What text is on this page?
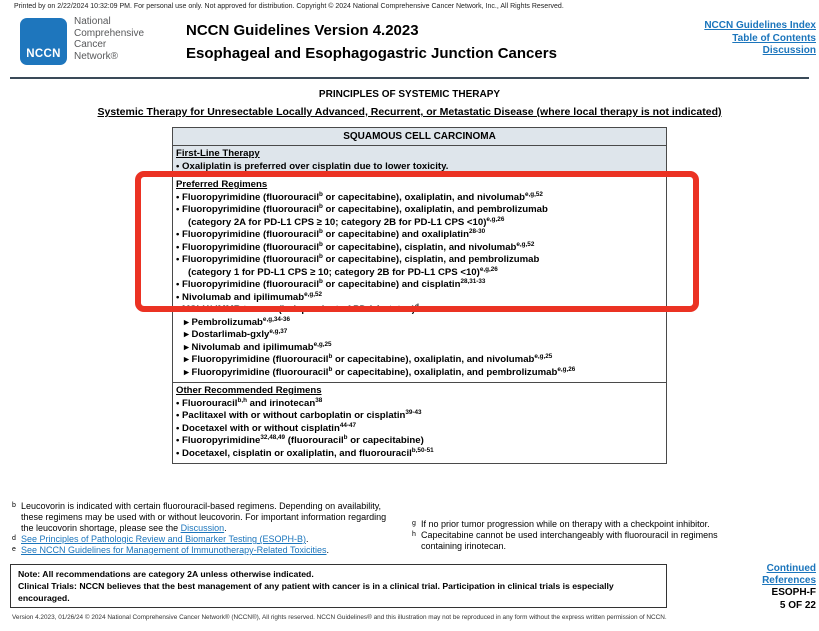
Printed by on 2/22/2024 10:32:09 PM. For personal use only. Not approved for distribution. Copyright © 2024 National Comprehensive Cancer Network, Inc., All Rights Reserved.
NCCN
National
Comprehensive
Cancer
Network®
NCCN Guidelines Version 4.2023
Esophageal and Esophagogastric Junction Cancers
NCCN Guidelines Index
Table of Contents
Discussion
PRINCIPLES OF SYSTEMIC THERAPY
Systemic Therapy for Unresectable Locally Advanced, Recurrent, or Metastatic Disease (where local therapy is not indicated)
SQUAMOUS CELL CARCINOMA
First-Line Therapy
• Oxaliplatin is preferred over cisplatin due to lower toxicity.
Preferred Regimens
• Fluoropyrimidine (fluorouracil$^b$ or capecitabine), oxaliplatin, and nivolumab$^{e,g,52}$
• Fluoropyrimidine (fluorouracil$^b$ or capecitabine), oxaliplatin, and pembrolizumab
(category 2A for PD-L1 CPS ≥ 10; category 2B for PD-L1 CPS <10)$^{e,g,26}$
• Fluoropyrimidine (fluorouracil$^b$ or capecitabine) and oxaliplatin$^{28-30}$
• Fluoropyrimidine (fluorouracil$^b$ or capecitabine), cisplatin, and nivolumab$^{e,g,52}$
• Fluoropyrimidine (fluorouracil$^b$ or capecitabine), cisplatin, and pembrolizumab
(category 1 for PD-L1 CPS ≥ 10; category 2B for PD-L1 CPS <10)$^{e,g,26}$
• Fluoropyrimidine (fluorouracil$^b$ or capecitabine) and cisplatin$^{28,31-33}$
• Nivolumab and ipilimumab$^{e,g,52}$
• MSI-H/dMMR tumors (independent of PD-L1 status)$^d$
▸ Pembrolizumab$^{e,g,34-36}$
▸ Dostarlimab-gxly$^{e,g,37}$
▸ Nivolumab and ipilimumab$^{e,g,25}$
▸ Fluoropyrimidine (fluorouracil$^b$ or capecitabine), oxaliplatin, and nivolumab$^{e,g,25}$
▸ Fluoropyrimidine (fluorouracil$^b$ or capecitabine), oxaliplatin, and pembrolizumab$^{e,g,26}$
Other Recommended Regimens
• Fluorouracil$^{b,h}$ and irinotecan$^{38}$
• Paclitaxel with or without carboplatin or cisplatin$^{39-43}$
• Docetaxel with or without cisplatin$^{44-47}$
• Fluoropyrimidine$^{32,48,49}$ (fluorouracil$^b$ or capecitabine)
• Docetaxel, cisplatin or oxaliplatin, and fluorouracil$^{b,50-51}$
b Leucovorin is indicated with certain fluorouracil-based regimens. Depending on availability, these regimens may be used with or without leucovorin. For important information regarding the leucovorin shortage, please see the Discussion.
d See Principles of Pathologic Review and Biomarker Testing (ESOPH-B).
e See NCCN Guidelines for Management of Immunotherapy-Related Toxicities.
g If no prior tumor progression while on therapy with a checkpoint inhibitor.
h Capecitabine cannot be used interchangeably with fluorouracil in regimens
containing irinotecan.
Note: All recommendations are category 2A unless otherwise indicated.
Clinical Trials: NCCN believes that the best management of any patient with cancer is in a clinical trial. Participation in clinical trials is especially encouraged.
Continued
References
ESOPH-F
5 OF 22
Version 4.2023, 01/26/24 © 2024 National Comprehensive Cancer Network® (NCCN®), All rights reserved. NCCN Guidelines® and this illustration may not be reproduced in any form without the express written permission of NCCN.
